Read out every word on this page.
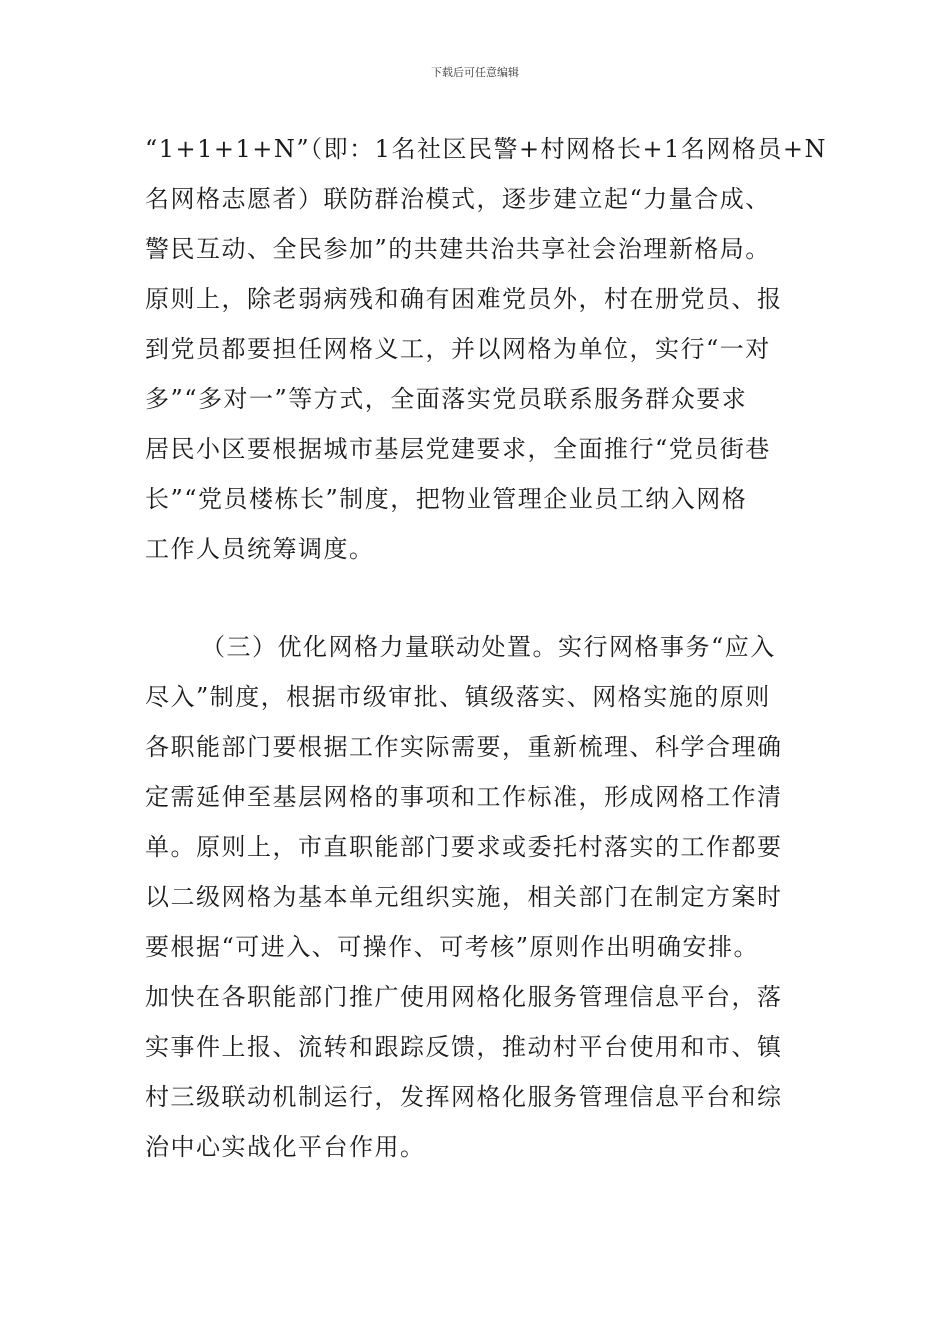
下载后可任意编辑

“1+1+1+N”（即：1名社区民警+村网格长+1名网格员+N
名网格志愿者）联防群治模式，逐步建立起“力量合成、
警民互动、全民参加”的共建共治共享社会治理新格局。
原则上，除老弱病残和确有困难党员外，村在册党员、报
到党员都要担任网格义工，并以网格为单位，实行“一对
多”“多对一”等方式，全面落实党员联系服务群众要求
居民小区要根据城市基层党建要求，全面推行“党员街巷
长”“党员楼栋长”制度，把物业管理企业员工纳入网格
工作人员统筹调度。

（三）优化网格力量联动处置。实行网格事务“应入
尽入”制度，根据市级审批、镇级落实、网格实施的原则
各职能部门要根据工作实际需要，重新梳理、科学合理确
定需延伸至基层网格的事项和工作标准，形成网格工作清
单。原则上，市直职能部门要求或委托村落实的工作都要
以二级网格为基本单元组织实施，相关部门在制定方案时
要根据“可进入、可操作、可考核”原则作出明确安排。
加快在各职能部门推广使用网格化服务管理信息平台，落
实事件上报、流转和跟踪反馈，推动村平台使用和市、镇
村三级联动机制运行，发挥网格化服务管理信息平台和综
治中心实战化平台作用。
